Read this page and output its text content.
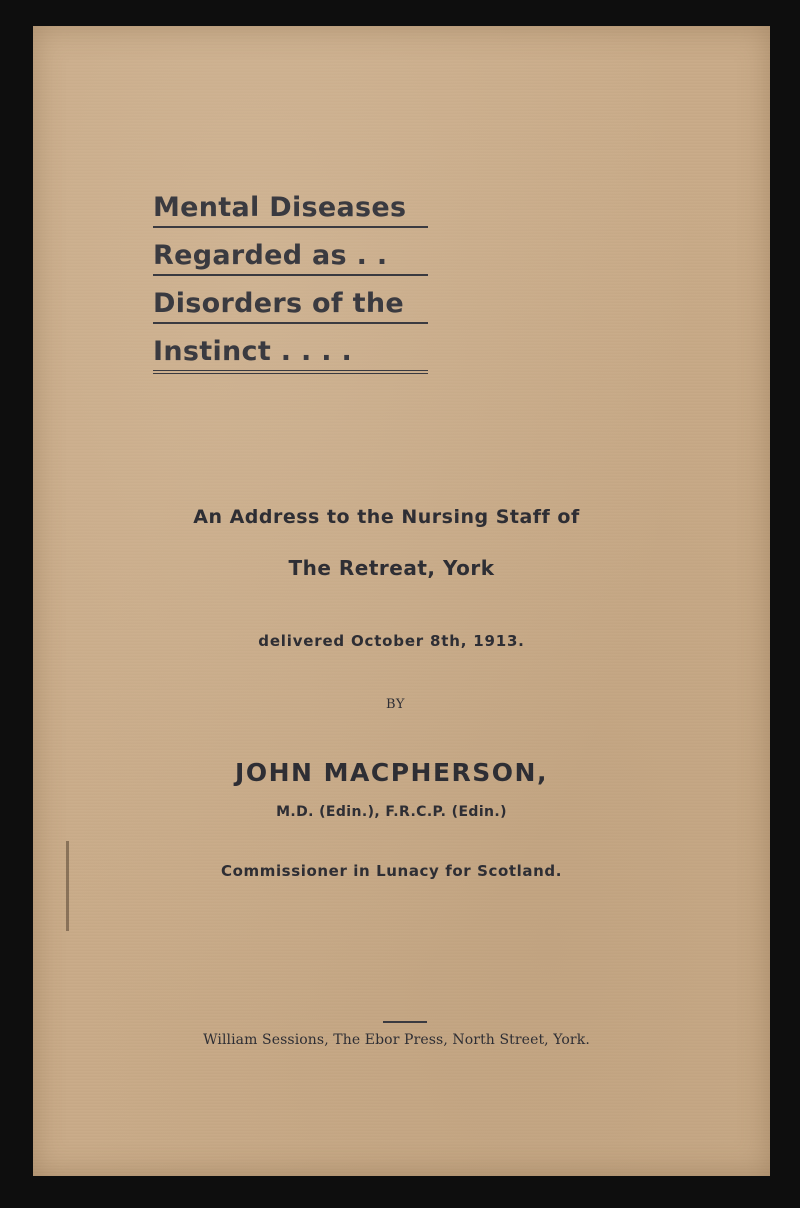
Mental Diseases
Regarded as . .
Disorders of the
Instinct . . . .
An Address to the Nursing Staff of
The Retreat, York
delivered October 8th, 1913.
BY
JOHN MACPHERSON,
M.D. (Edin.), F.R.C.P. (Edin.)
Commissioner in Lunacy for Scotland.
William Sessions, The Ebor Press, North Street, York.
